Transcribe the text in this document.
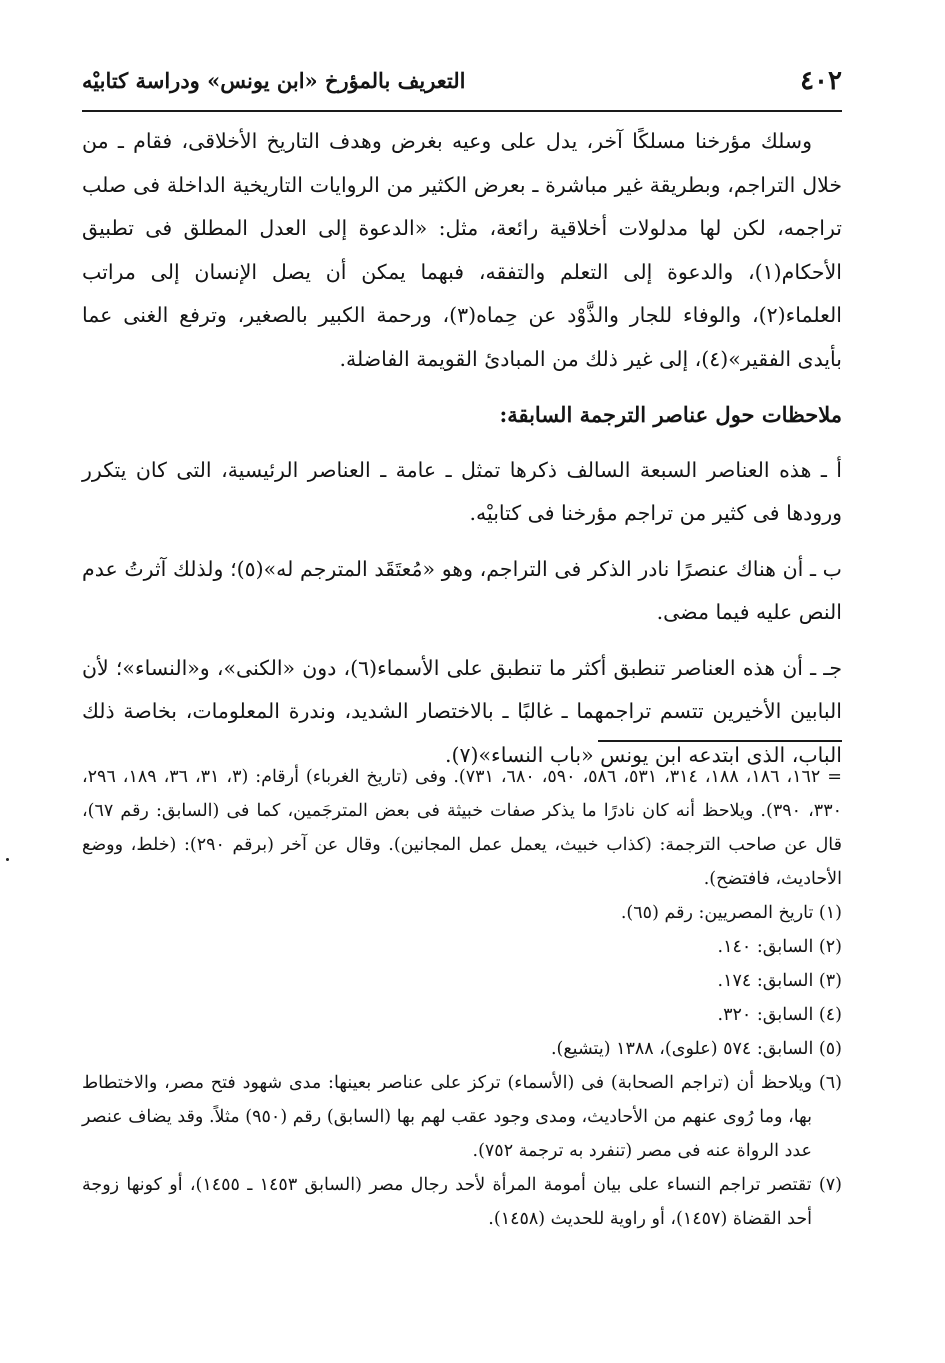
٤٠٢
التعريف بالمؤرخ «ابن يونس» ودراسة كتابيْه

وسلك مؤرخنا مسلكًا آخر، يدل على وعيه بغرض وهدف التاريخ الأخلاقى، فقام ـ من خلال التراجم، وبطريقة غير مباشرة ـ بعرض الكثير من الروايات التاريخية الداخلة فى صلب تراجمه، لكن لها مدلولات أخلاقية رائعة، مثل: «الدعوة إلى العدل المطلق فى تطبيق الأحكام(١)، والدعوة إلى التعلم والتفقه، فبهما يمكن أن يصل الإنسان إلى مراتب العلماء(٢)، والوفاء للجار والذَّوْد عن حِماه(٣)، ورحمة الكبير بالصغير، وترفع الغنى عما بأيدى الفقير»(٤)، إلى غير ذلك من المبادئ القويمة الفاضلة.

ملاحظات حول عناصر الترجمة السابقة:

أ ـ هذه العناصر السبعة السالف ذكرها تمثل ـ عامة ـ العناصر الرئيسية، التى كان يتكرر ورودها فى كثير من تراجم مؤرخنا فى كتابيْه.

ب ـ أن هناك عنصرًا نادر الذكر فى التراجم، وهو «مُعتَقَد المترجم له»(٥)؛ ولذلك آثرتُ عدم النص عليه فيما مضى.

جـ ـ أن هذه العناصر تنطبق أكثر ما تنطبق على الأسماء(٦)، دون «الكنى»، و«النساء»؛ لأن البابين الأخيرين تتسم تراجمهما ـ غالبًا ـ بالاختصار الشديد، وندرة المعلومات، بخاصة ذلك الباب، الذى ابتدعه ابن يونس «باب النساء»(٧).

= ١٦٢، ١٨٦، ١٨٨، ٣١٤، ٥٣١، ٥٨٦، ٥٩٠، ٦٨٠، ٧٣١). وفى (تاريخ الغرباء) أرقام: (٣، ٣١، ٣٦، ١٨٩، ٢٩٦، ٣٣٠، ٣٩٠). ويلاحظ أنه كان نادرًا ما يذكر صفات خبيثة فى بعض المترجَمين، كما فى (السابق: رقم ٦٧)، قال عن صاحب الترجمة: (كذاب خبيث، يعمل عمل المجانين). وقال عن آخر (برقم ٢٩٠): (خلط، ووضع الأحاديث، فافتضح).

(١) تاريخ المصريين: رقم (٦٥).

(٢) السابق: ١٤٠.

(٣) السابق: ١٧٤.

(٤) السابق: ٣٢٠.

(٥) السابق: ٥٧٤ (علوى)، ١٣٨٨ (يتشيع).

(٦) ويلاحظ أن (تراجم الصحابة) فى (الأسماء) تركز على عناصر بعينها: مدى شهود فتح مصر، والاختطاط بها، وما رُوى عنهم من الأحاديث، ومدى وجود عقب لهم بها (السابق) رقم (٩٥٠) مثلاً. وقد يضاف عنصر عدد الرواة عنه فى مصر (تنفرد به ترجمة ٧٥٢).

(٧) تقتصر تراجم النساء على بيان أمومة المرأة لأحد رجال مصر (السابق ١٤٥٣ ـ ١٤٥٥)، أو كونها زوجة أحد القضاة (١٤٥٧)، أو راوية للحديث (١٤٥٨).
